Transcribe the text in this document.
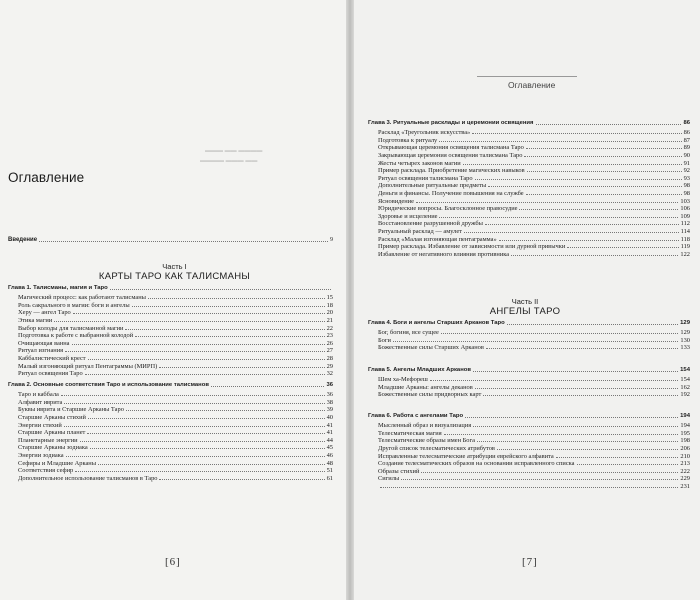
▬▬▬ ▬▬ ▬▬▬▬
▬▬▬▬ ▬▬▬ ▬▬
Оглавление
Введение	9
Часть I
КАРТЫ ТАРО КАК ТАЛИСМАНЫ
Глава 1. Талисманы, магия и Таро
Магический процесс: как работают талисманы	15
Роль сакрального в магии: боги и ангелы	18
Херу — ангел Таро	20
Этика магии	21
Выбор колоды для талисманной магии	22
Подготовка к работе с выбранной колодой	23
Очищающая ванна	26
Ритуал изгнания	27
Каббалистический крест	28
Малый изгоняющий ритуал Пентаграммы (МИРП)	29
Ритуал освящения Таро	32
Глава 2. Основные соответствия Таро и использование талисманов	36
Таро и каббала	36
Алфавит иврита	38
Буквы иврита и Старшие Арканы Таро	39
Старшие Арканы стихий	40
Энергии стихий	41
Старшие Арканы планет	41
Планетарные энергии	44
Старшие Арканы зодиака	45
Энергии зодиака	46
Сефиры и Младшие Арканы	48
Соответствия сефир	51
Дополнительное использование талисманов в Таро	61
[6]
Оглавление
Глава 3. Ритуальные расклады и церемонии освящения	86
Расклад «Треугольник искусства»	86
Подготовка к ритуалу	87
Открывающая церемония освящения талисмана Таро	89
Закрывающая церемония освящения талисмана Таро	90
Жесты четырех законов магии	91
Пример расклада. Приобретение магических навыков	92
Ритуал освящения талисмана Таро	93
Дополнительные ритуальные предметы	98
Деньги и финансы. Получение повышения на службе	98
Ясновидение	103
Юридические вопросы. Благосклонное правосудие	106
Здоровье и исцеление	109
Восстановление разрушенной дружбы	112
Ритуальный расклад — амулет	114
Расклад «Малая изгоняющая пентаграмма»	118
Пример расклада. Избавление от зависимости или дурной привычки	119
Избавление от негативного влияния противника	122
Часть II
АНГЕЛЫ ТАРО
Глава 4. Боги и ангелы Старших Арканов Таро	129
Бог, богиня, все сущее	129
Боги	130
Божественные силы Старших Арканов	133
Глава 5. Ангелы Младших Арканов	154
Шем ха-Мефореш	154
Младшие Арканы: ангелы деканов	162
Божественные силы придворных карт	192
Глава 6. Работа с ангелами Таро	194
Мысленный образ и визуализация	194
Телесматическая магия	195
Телесматические образы имен Бога	198
Другой список телесматических атрибутов	206
Исправленные телесматические атрибуции еврейского алфавита	210
Создание телесматических образов на основании исправленного списка	213
Образы стихий	222
Сигилы	229
231
[7]
